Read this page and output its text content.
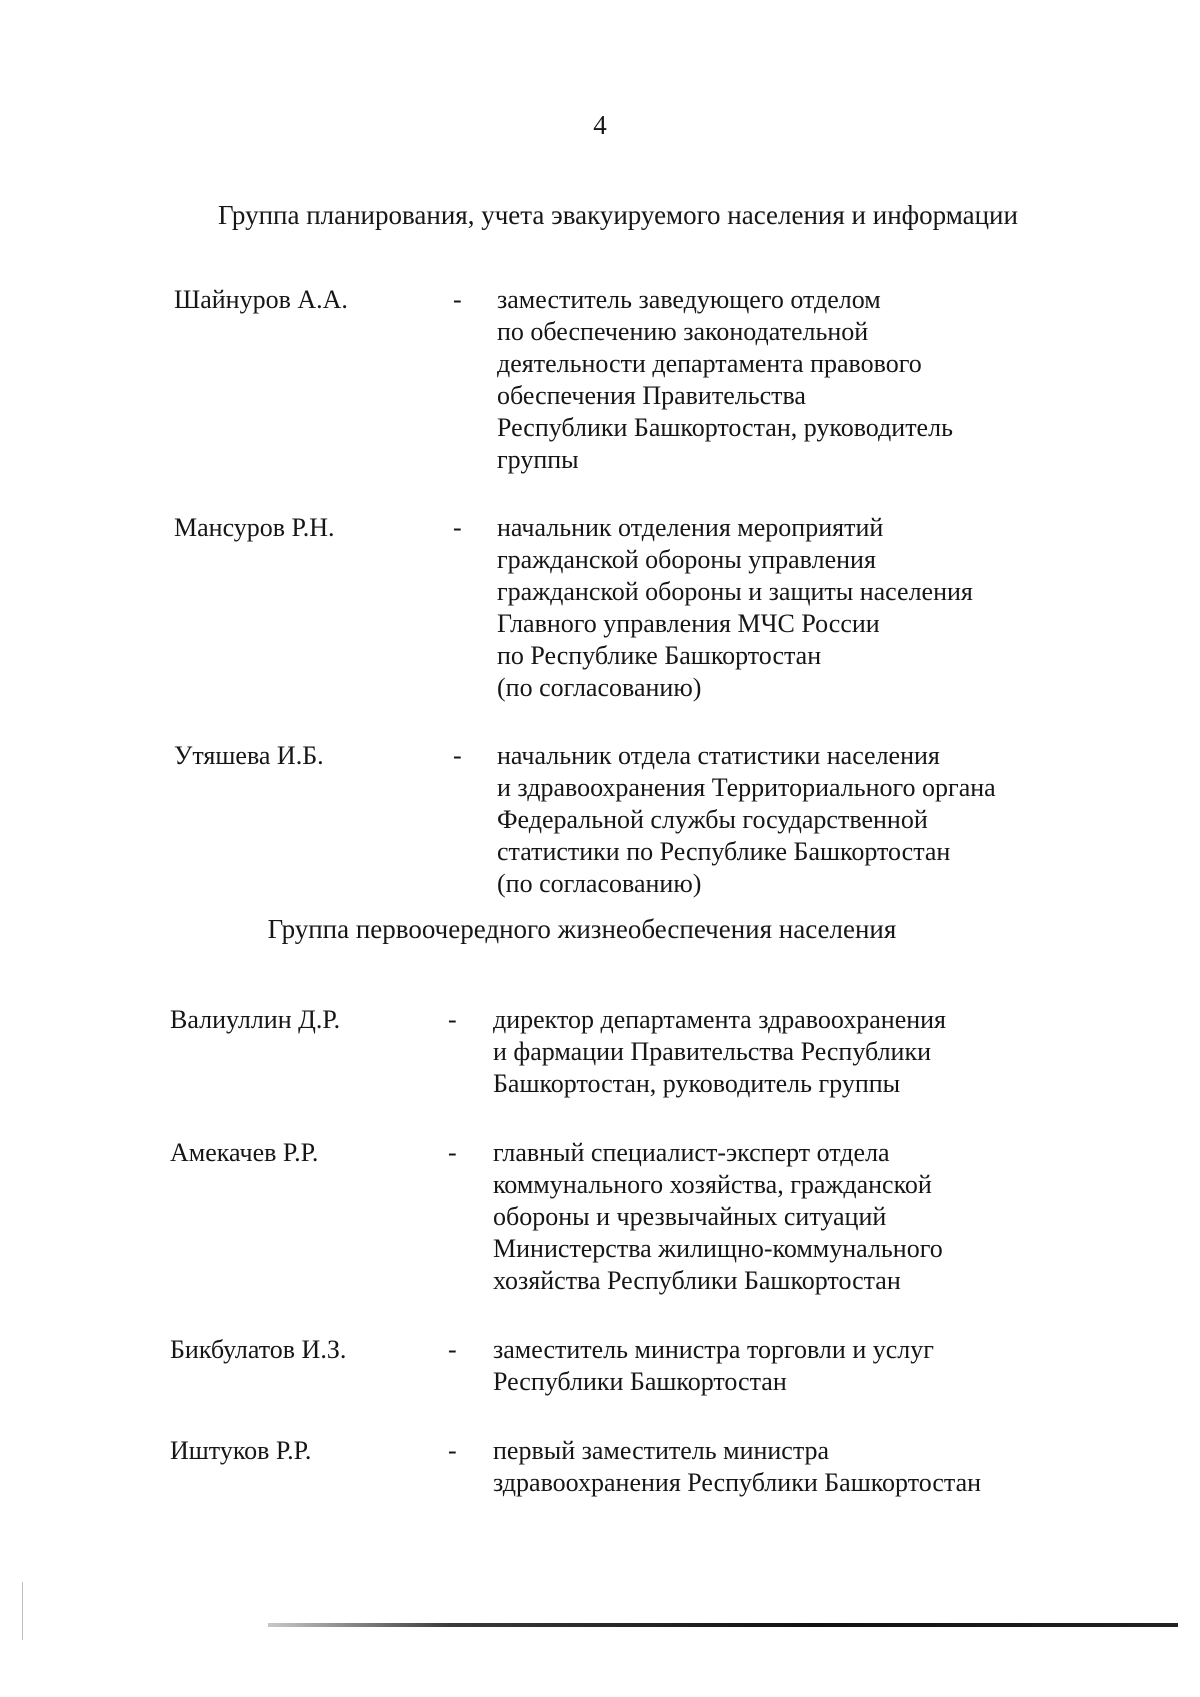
4
Группа планирования, учета эвакуируемого населения и информации
Шайнуров А.А.	- заместитель заведующего отделом
по обеспечению законодательной
деятельности департамента правового
обеспечения Правительства
Республики Башкортостан, руководитель
группы
Мансуров Р.Н.	- начальник отделения мероприятий
гражданской обороны управления
гражданской обороны и защиты населения
Главного управления МЧС России
по Республике Башкортостан
(по согласованию)
Утяшева И.Б.	- начальник отдела статистики населения
и здравоохранения Территориального органа
Федеральной службы государственной
статистики по Республике Башкортостан
(по согласованию)
Группа первоочередного жизнеобеспечения населения
Валиуллин Д.Р.	- директор департамента здравоохранения
и фармации Правительства Республики
Башкортостан, руководитель группы
Амекачев Р.Р.	- главный специалист-эксперт отдела
коммунального хозяйства, гражданской
обороны и чрезвычайных ситуаций
Министерства жилищно-коммунального
хозяйства Республики Башкортостан
Бикбулатов И.З.	- заместитель министра торговли и услуг
Республики Башкортостан
Иштуков Р.Р.	- первый заместитель министра
здравоохранения Республики Башкортостан
